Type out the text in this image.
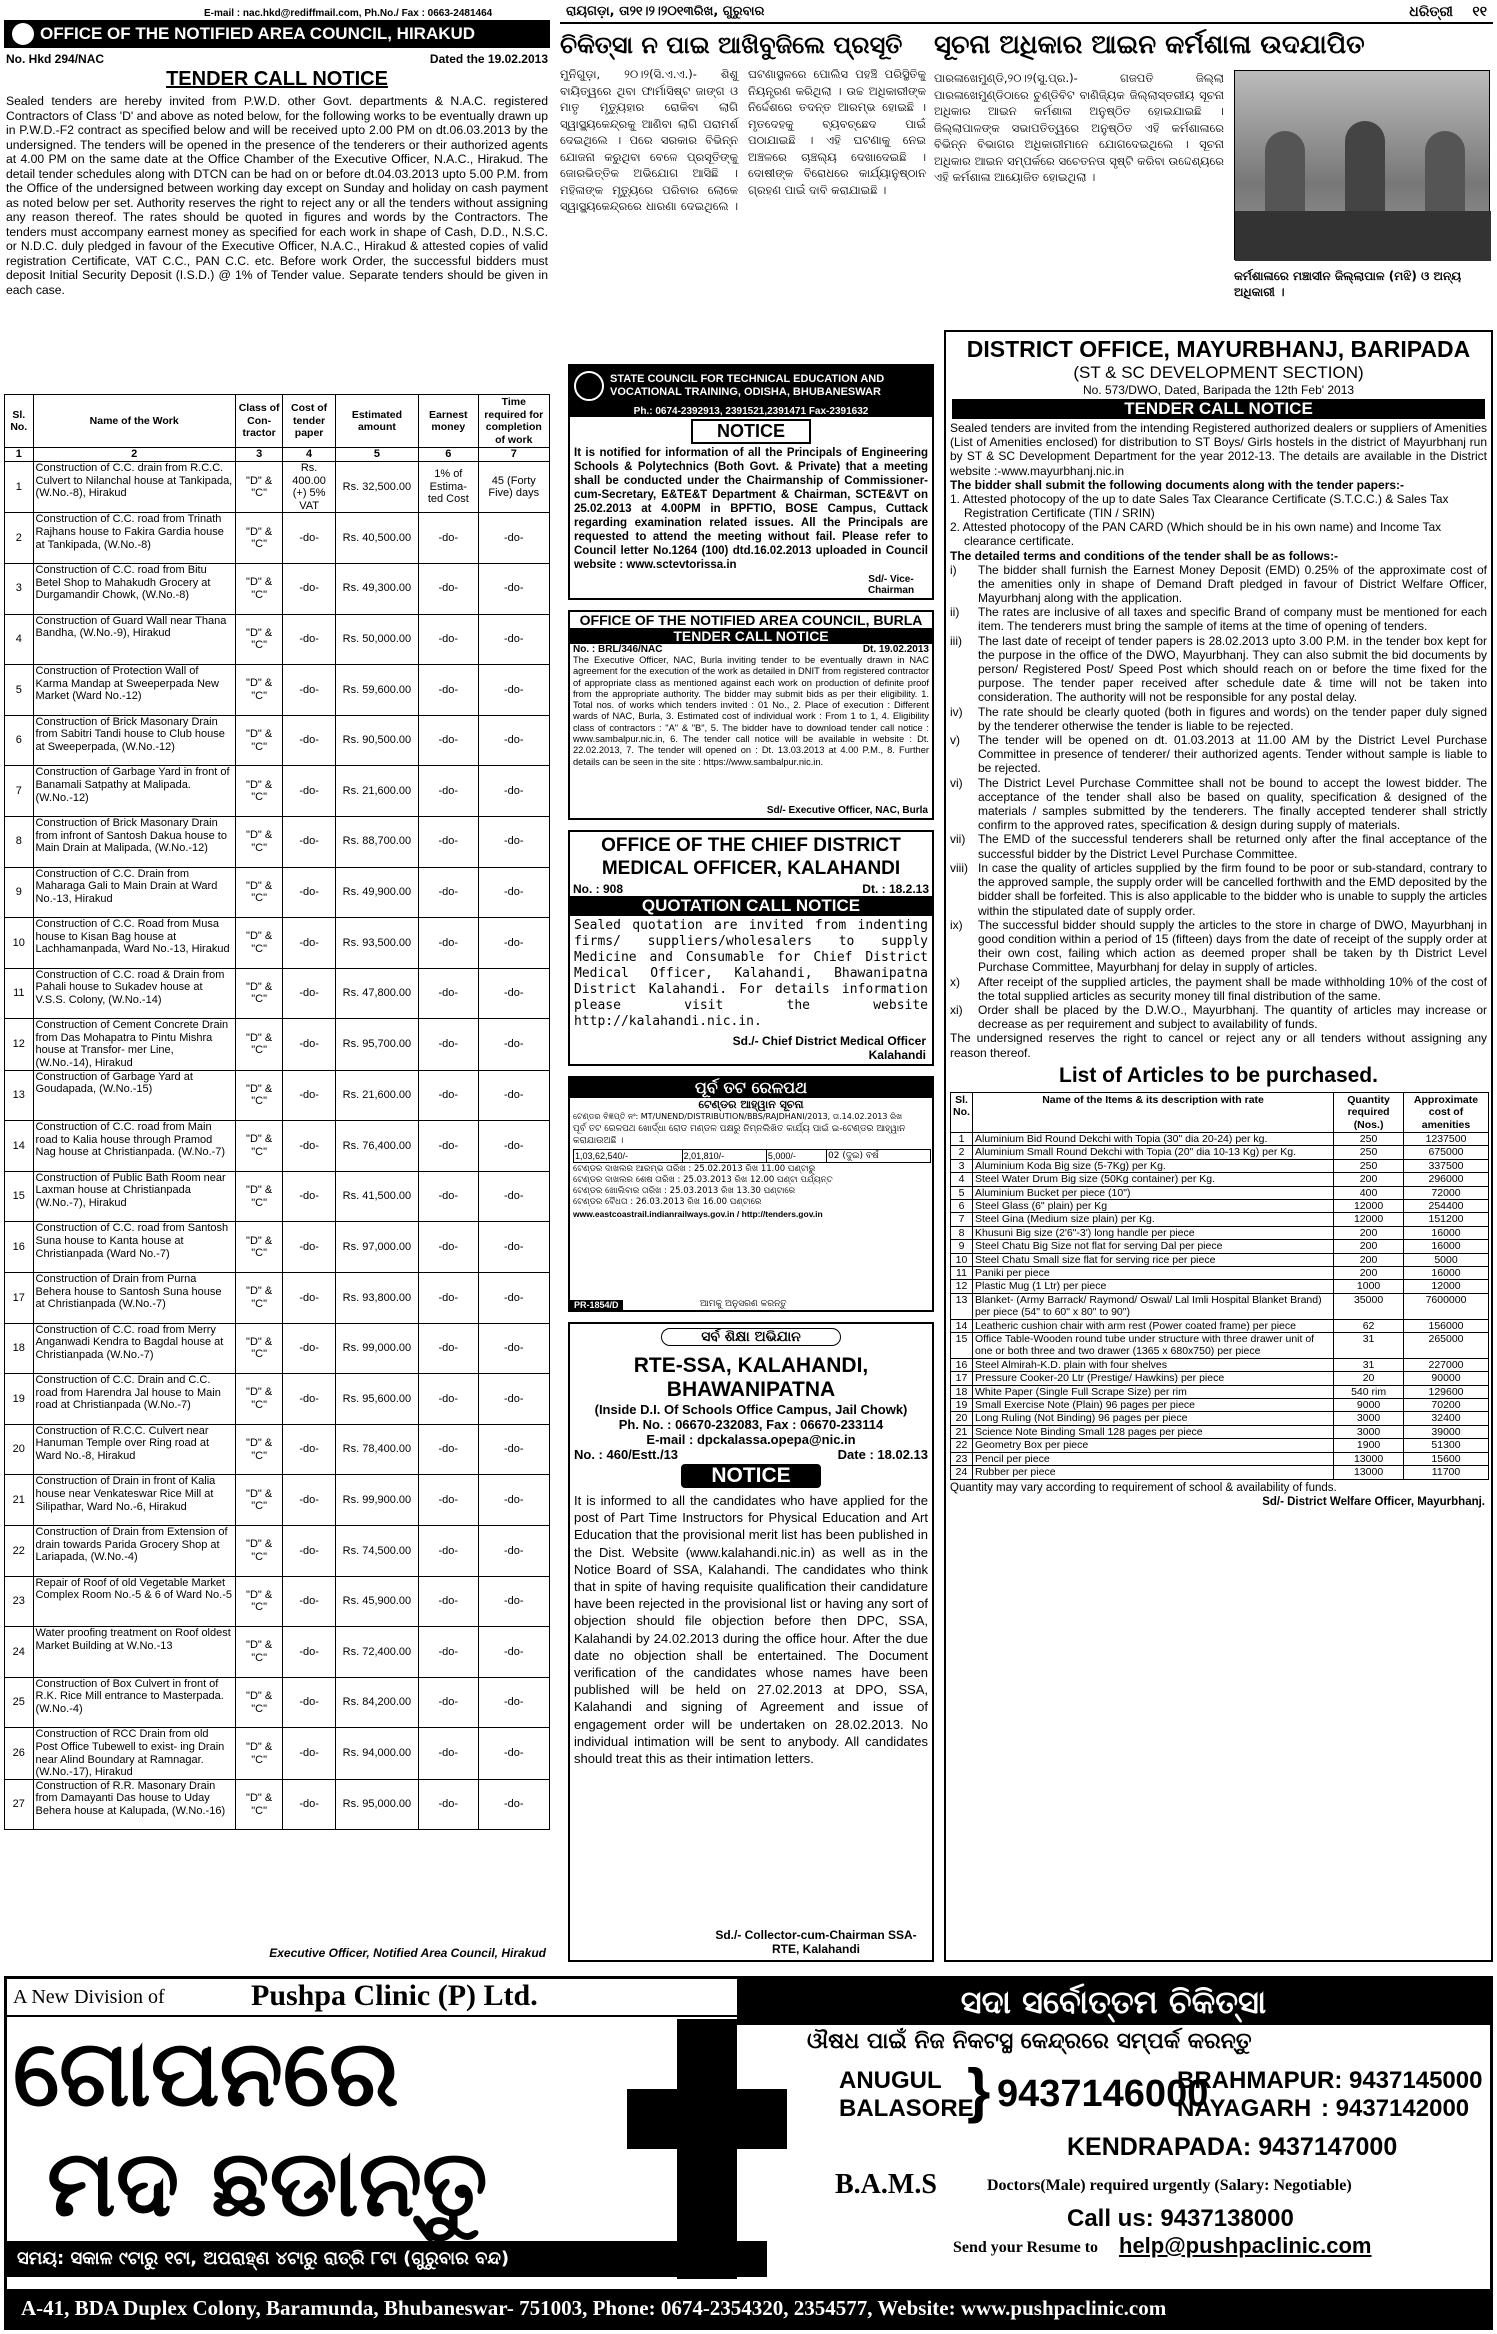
E-mail : nac.hkd@rediffmail.com, Ph.No./ Fax : 0663-2481464
OFFICE OF THE NOTIFIED AREA COUNCIL, HIRAKUD
No. Hkd 294/NAC	Dated the 19.02.2013
TENDER CALL NOTICE
Sealed tenders are hereby invited from P.W.D. other Govt. departments & N.A.C. registered Contractors of Class 'D' and above as noted below, for the following works to be eventually drawn up in P.W.D.-F2 contract as specified below and will be received upto 2.00 PM on dt.06.03.2013 by the undersigned. The tenders will be opened in the presence of the tenderers or their authorized agents at 4.00 PM on the same date at the Office Chamber of the Executive Officer, N.A.C., Hirakud. The detail tender schedules along with DTCN can be had on or before dt.04.03.2013 upto 5.00 P.M. from the Office of the undersigned between working day except on Sunday and holiday on cash payment as noted below per set. Authority reserves the right to reject any or all the tenders without assigning any reason thereof. The rates should be quoted in figures and words by the Contractors. The tenders must accompany earnest money as specified for each work in shape of Cash, D.D., N.S.C. or N.D.C. duly pledged in favour of the Executive Officer, N.A.C., Hirakud & attested copies of valid registration Certificate, VAT C.C., PAN C.C. etc. Before work Order, the successful bidders must deposit Initial Security Deposit (I.S.D.) @ 1% of Tender value. Separate tenders should be given in each case.
Sl. No.	Name of the Work	Class of Con- tractor	Cost of tender paper	Estimated amount	Earnest money	Time required for completion of work
1	2	3	4	5	6	7
1	Construction of C.C. drain from R.C.C. Culvert to Nilanchal house at Tankipada, (W.No.-8), Hirakud	"D" & "C"	Rs. 400.00 (+) 5% VAT	Rs. 32,500.00	1% of Estima- ted Cost	45 (Forty Five) days
2	Construction of C.C. road from Trinath Rajhans house to Fakira Gardia house at Tankipada, (W.No.-8)	"D" & "C"	-do-	Rs. 40,500.00	-do-	-do-
3	Construction of C.C. road from Bitu Betel Shop to Mahakudh Grocery at Durgamandir Chowk, (W.No.-8)	"D" & "C"	-do-	Rs. 49,300.00	-do-	-do-
4	Construction of Guard Wall near Thana Bandha, (W.No.-9), Hirakud	"D" & "C"	-do-	Rs. 50,000.00	-do-	-do-
5	Construction of Protection Wall of Karma Mandap at Sweeperpada New Market (Ward No.-12)	"D" & "C"	-do-	Rs. 59,600.00	-do-	-do-
6	Construction of Brick Masonary Drain from Sabitri Tandi house to Club house at Sweeperpada, (W.No.-12)	"D" & "C"	-do-	Rs. 90,500.00	-do-	-do-
7	Construction of Garbage Yard in front of Banamali Satpathy at Malipada. (W.No.-12)	"D" & "C"	-do-	Rs. 21,600.00	-do-	-do-
8	Construction of Brick Masonary Drain from infront of Santosh Dakua house to Main Drain at Malipada, (W.No.-12)	"D" & "C"	-do-	Rs. 88,700.00	-do-	-do-
9	Construction of C.C. Drain from Maharaga Gali to Main Drain at Ward No.-13, Hirakud	"D" & "C"	-do-	Rs. 49,900.00	-do-	-do-
10	Construction of C.C. Road from Musa house to Kisan Bag house at Lachhamanpada, Ward No.-13, Hirakud	"D" & "C"	-do-	Rs. 93,500.00	-do-	-do-
11	Construction of C.C. road & Drain from Pahali house to Sukadev house at V.S.S. Colony, (W.No.-14)	"D" & "C"	-do-	Rs. 47,800.00	-do-	-do-
12	Construction of Cement Concrete Drain from Das Mohapatra to Pintu Mishra house at Transfor- mer Line, (W.No.-14), Hirakud	"D" & "C"	-do-	Rs. 95,700.00	-do-	-do-
13	Construction of Garbage Yard at Goudapada, (W.No.-15)	"D" & "C"	-do-	Rs. 21,600.00	-do-	-do-
14	Construction of C.C. road from Main road to Kalia house through Pramod Nag house at Christianpada. (W.No.-7)	"D" & "C"	-do-	Rs. 76,400.00	-do-	-do-
15	Construction of Public Bath Room near Laxman house at Christianpada (W.No.-7), Hirakud	"D" & "C"	-do-	Rs. 41,500.00	-do-	-do-
16	Construction of C.C. road from Santosh Suna house to Kanta house at Christianpada (Ward No.-7)	"D" & "C"	-do-	Rs. 97,000.00	-do-	-do-
17	Construction of Drain from Purna Behera house to Santosh Suna house at Christianpada (W.No.-7)	"D" & "C"	-do-	Rs. 93,800.00	-do-	-do-
18	Construction of C.C. road from Merry Anganwadi Kendra to Bagdal house at Christianpada (W.No.-7)	"D" & "C"	-do-	Rs. 99,000.00	-do-	-do-
19	Construction of C.C. Drain and C.C. road from Harendra Jal house to Main road at Christianpada (W.No.-7)	"D" & "C"	-do-	Rs. 95,600.00	-do-	-do-
20	Construction of R.C.C. Culvert near Hanuman Temple over Ring road at Ward No.-8, Hirakud	"D" & "C"	-do-	Rs. 78,400.00	-do-	-do-
21	Construction of Drain in front of Kalia house near Venkateswar Rice Mill at Silipathar, Ward No.-6, Hirakud	"D" & "C"	-do-	Rs. 99,900.00	-do-	-do-
22	Construction of Drain from Extension of drain towards Parida Grocery Shop at Lariapada, (W.No.-4)	"D" & "C"	-do-	Rs. 74,500.00	-do-	-do-
23	Repair of Roof of old Vegetable Market Complex Room No.-5 & 6 of Ward No.-5	"D" & "C"	-do-	Rs. 45,900.00	-do-	-do-
24	Water proofing treatment on Roof oldest Market Building at W.No.-13	"D" & "C"	-do-	Rs. 72,400.00	-do-	-do-
25	Construction of Box Culvert in front of R.K. Rice Mill entrance to Masterpada. (W.No.-4)	"D" & "C"	-do-	Rs. 84,200.00	-do-	-do-
26	Construction of RCC Drain from old Post Office Tubewell to exist- ing Drain near Alind Boundary at Ramnagar. (W.No.-17), Hirakud	"D" & "C"	-do-	Rs. 94,000.00	-do-	-do-
27	Construction of R.R. Masonary Drain from Damayanti Das house to Uday Behera house at Kalupada, (W.No.-16)	"D" & "C"	-do-	Rs. 95,000.00	-do-	-do-
Executive Officer, Notified Area Council, Hirakud
ରାୟଗଡ଼ା, ତା୨୧।୨।୨୦୧୩ରିଖ, ଗୁରୁବାର	ଧରିତ୍ରୀ ୧୧
ଚିକିତ୍ସା ନ ପାଇ ଆଖିବୁଜିଲେ ପ୍ରସୂତି
ମୁନିଗୁଡ଼ା, ୨୦।୨(ସି.ଏ.ଏ.)- ଶିଶୁ ବାୟିତ୍ୱରେ ଥିବା ଫାର୍ମାସିଷ୍ଟ ଜାଙ୍ଗ ଓ ମାତୃ ମୃତ୍ୟୁହାର ରୋକିବା ଲାଗି ସ୍ୱାସ୍ଥ୍ୟକେନ୍ଦ୍ରକୁ ଆଣିବା ଲାଗି ପରାମର୍ଶ ଦେଇଥିଲେ । ପରେ ସରକାର ବିଭିନ୍ନ ଯୋଜନା କରୁଥିବା ବେଳେ ପ୍ରସୂତିଙ୍କୁ ଜୋରଭିତ୍ତିକ ଅଭିଯୋଗ ଆସିଛି । ମହିଳାଙ୍କ ମୃତ୍ୟୁରେ ପରିବାର ଲୋକେ ସ୍ୱାସ୍ଥ୍ୟକେନ୍ଦ୍ରରେ ଧାରଣା ଦେଇଥିଲେ । ଘଟଣାସ୍ଥଳରେ ପୋଲିସ ପହଞ୍ଚି ପରିସ୍ଥିତିକୁ ନିୟନ୍ତ୍ରଣ କରିଥିଲା । ଉଚ୍ଚ ଅଧିକାରୀଙ୍କ ନିର୍ଦ୍ଦେଶରେ ତଦନ୍ତ ଆରମ୍ଭ ହୋଇଛି । ମୃତଦେହକୁ ବ୍ୟବଚ୍ଛେଦ ପାଇଁ ପଠାଯାଇଛି । ଏହି ଘଟଣାକୁ ନେଇ ଅଞ୍ଚଳରେ ଚାଞ୍ଚଲ୍ୟ ଦେଖାଦେଇଛି । ଦୋଷୀଙ୍କ ବିରୋଧରେ କାର୍ଯ୍ୟାନୁଷ୍ଠାନ ଗ୍ରହଣ ପାଇଁ ଦାବି କରାଯାଇଛି ।
ସୂଚନା ଅଧିକାର ଆଇନ କର୍ମଶାଳା ଉଦଯାପିତ
ପାରଳାଖେମୁଣ୍ଡି,୨୦।୨(ସୁ.ପ୍ର.)- ଗଜପତି ଜିଲ୍ଲା ପାରଳାଖେମୁଣ୍ଡିଠାରେ ଚୁଣ୍ଡିବିଟ ବାଣିଜ୍ୟିକ ଜିଲ୍ଲାସ୍ତରୀୟ ସୂଚନା ଅଧିକାର ଆଇନ କର୍ମଶାଳା ଅନୁଷ୍ଠିତ ହୋଇଯାଇଛି । ଜିଲ୍ଲାପାଳଙ୍କ ସଭାପତିତ୍ୱରେ ଅନୁଷ୍ଠିତ ଏହି କର୍ମଶାଳାରେ ବିଭିନ୍ନ ବିଭାଗର ଅଧିକାରୀମାନେ ଯୋଗଦେଇଥିଲେ । ସୂଚନା ଅଧିକାର ଆଇନ ସମ୍ପର୍କରେ ସଚେତନତା ସୃଷ୍ଟି କରିବା ଉଦ୍ଦେଶ୍ୟରେ ଏହି କର୍ମଶାଳା ଆୟୋଜିତ ହୋଇଥିଲା ।
କର୍ମଶାଳାରେ ମଞ୍ଚାସୀନ ଜିଲ୍ଲାପାଳ (ମଝି) ଓ ଅନ୍ୟ ଅଧିକାରୀ ।
STATE COUNCIL FOR TECHNICAL EDUCATION AND VOCATIONAL TRAINING, ODISHA, BHUBANESWAR
Ph.: 0674-2392913, 2391521,2391471 Fax-2391632
NOTICE
It is notified for information of all the Principals of Engineering Schools & Polytechnics (Both Govt. & Private) that a meeting shall be conducted under the Chairmanship of Commissioner-cum-Secretary, E&TE&T Department & Chairman, SCTE&VT on 25.02.2013 at 4.00PM in BPFTIO, BOSE Campus, Cuttack regarding examination related issues. All the Principals are requested to attend the meeting without fail. Please refer to Council letter No.1264 (100) dtd.16.02.2013 uploaded in Council website : www.sctevtorissa.in
Sd/- Vice-Chairman
OFFICE OF THE NOTIFIED AREA COUNCIL, BURLA
TENDER CALL NOTICE
No. : BRL/346/NAC	Dt. 19.02.2013
The Executive Officer, NAC, Burla inviting tender to be eventually drawn in NAC agreement for the execution of the work as detailed in DNIT from registered contractor of appropriate class as mentioned against each work on production of definite proof from the appropriate authority. The bidder may submit bids as per their eligibility. 1. Total nos. of works which tenders invited : 01 No., 2. Place of execution : Different wards of NAC, Burla, 3. Estimated cost of individual work : From 1 to 1, 4. Eligibility class of contractors : "A" & "B", 5. The bidder have to download tender call notice : www.sambalpur.nic.in, 6. The tender call notice will be available in website : Dt. 22.02.2013, 7. The tender will opened on : Dt. 13.03.2013 at 4.00 P.M., 8. Further details can be seen in the site : https://www.sambalpur.nic.in.
Sd/- Executive Officer, NAC, Burla
OFFICE OF THE CHIEF DISTRICT MEDICAL OFFICER, KALAHANDI
No. : 908	Dt. : 18.2.13
QUOTATION CALL NOTICE
Sealed quotation are invited from indenting firms/ suppliers/wholesalers to supply Medicine and Consumable for Chief District Medical Officer, Kalahandi, Bhawanipatna District Kalahandi. For details information please visit the website http://kalahandi.nic.in.
Sd./- Chief District Medical Officer Kalahandi
ପୂର୍ବ ତଟ ରେଳପଥ
ଟେଣ୍ଡର ଆହ୍ୱାନ ସୂଚନା
ଟେଣ୍ଡର ବିଜ୍ଞପ୍ତି ନଂ: MT/UNEND/DISTRIBUTION/BBS/RAJDHANI/2013, ତା.14.02.2013 ରିଖ
ପୂର୍ବ ତଟ ରେଳପଥ ଖୋର୍ଦ୍ଧା ରୋଡ ମଣ୍ଡଳ ପକ୍ଷରୁ ନିମ୍ନଲିଖିତ କାର୍ଯ୍ୟ ପାଇଁ ଇ-ଟେଣ୍ଡର ଆହ୍ୱାନ କରାଯାଉଅଛି ।
1,03,62,540/-	2,01,810/-	5,000/-	02 (ଦୁଇ) ବର୍ଷ
ଟେଣ୍ଡର ଦାଖଲର ଆରମ୍ଭ ତାରିଖ : 25.02.2013 ରିଖ 11.00 ଘଣ୍ଟାରୁ
ଟେଣ୍ଡର ଦାଖଲର ଶେଷ ତାରିଖ : 25.03.2013 ରିଖ 12.00 ଘଣ୍ଟା ପର୍ଯ୍ୟନ୍ତ
ଟେଣ୍ଡର ଖୋଲିବାର ତାରିଖ : 25.03.2013 ରିଖ 13.30 ଘଣ୍ଟାରେ
ଟେଣ୍ଡର ବୈଧତା : 26.03.2013 ରିଖ 16.00 ଘଣ୍ଟାରେ
www.eastcoastrail.indianrailways.gov.in / http://tenders.gov.in
PR-1854/D	ଆମକୁ ଅନୁସରଣ କରନ୍ତୁ
ସର୍ବ ଶିକ୍ଷା ଅଭିଯାନ
RTE-SSA, KALAHANDI, BHAWANIPATNA
(Inside D.I. Of Schools Office Campus, Jail Chowk)
Ph. No. : 06670-232083, Fax : 06670-233114
E-mail : dpckalassa.opepa@nic.in
No. : 460/Estt./13	Date : 18.02.13
NOTICE
It is informed to all the candidates who have applied for the post of Part Time Instructors for Physical Education and Art Education that the provisional merit list has been published in the Dist. Website (www.kalahandi.nic.in) as well as in the Notice Board of SSA, Kalahandi. The candidates who think that in spite of having requisite qualification their candidature have been rejected in the provisional list or having any sort of objection should file objection before then DPC, SSA, Kalahandi by 24.02.2013 during the office hour. After the due date no objection shall be entertained. The Document verification of the candidates whose names have been published will be held on 27.02.2013 at DPO, SSA, Kalahandi and signing of Agreement and issue of engagement order will be undertaken on 28.02.2013. No individual intimation will be sent to anybody. All candidates should treat this as their intimation letters.
Sd./- Collector-cum-Chairman SSA-RTE, Kalahandi
DISTRICT OFFICE, MAYURBHANJ, BARIPADA
(ST & SC DEVELOPMENT SECTION)
No. 573/DWO, Dated, Baripada the 12th Feb' 2013
TENDER CALL NOTICE
Sealed tenders are invited from the intending Registered authorized dealers or suppliers of Amenities (List of Amenities enclosed) for distribution to ST Boys/ Girls hostels in the district of Mayurbhanj run by ST & SC Development Department for the year 2012-13. The details are available in the District website :-www.mayurbhanj.nic.in
The bidder shall submit the following documents along with the tender papers:-
1. Attested photocopy of the up to date Sales Tax Clearance Certificate (S.T.C.C.) & Sales Tax Registration Certificate (TIN / SRIN)
2. Attested photocopy of the PAN CARD (Which should be in his own name) and Income Tax clearance certificate.
The detailed terms and conditions of the tender shall be as follows:-
i)	The bidder shall furnish the Earnest Money Deposit (EMD) 0.25% of the approximate cost of the amenities only in shape of Demand Draft pledged in favour of District Welfare Officer, Mayurbhanj along with the application.
ii)	The rates are inclusive of all taxes and specific Brand of company must be mentioned for each item. The tenderers must bring the sample of items at the time of opening of tenders.
iii)	The last date of receipt of tender papers is 28.02.2013 upto 3.00 P.M. in the tender box kept for the purpose in the office of the DWO, Mayurbhanj. They can also submit the bid documents by person/ Registered Post/ Speed Post which should reach on or before the time fixed for the purpose. The tender paper received after schedule date & time will not be taken into consideration. The authority will not be responsible for any postal delay.
iv)	The rate should be clearly quoted (both in figures and words) on the tender paper duly signed by the tenderer otherwise the tender is liable to be rejected.
v)	The tender will be opened on dt. 01.03.2013 at 11.00 AM by the District Level Purchase Committee in presence of tenderer/ their authorized agents. Tender without sample is liable to be rejected.
vi)	The District Level Purchase Committee shall not be bound to accept the lowest bidder. The acceptance of the tender shall also be based on quality, specification & designed of the materials / samples submitted by the tenderers. The finally accepted tenderer shall strictly confirm to the approved rates, specification & design during supply of materials.
vii)	The EMD of the successful tenderers shall be returned only after the final acceptance of the successful bidder by the District Level Purchase Committee.
viii) In case the quality of articles supplied by the firm found to be poor or sub-standard, contrary to the approved sample, the supply order will be cancelled forthwith and the EMD deposited by the bidder shall be forfeited. This is also applicable to the bidder who is unable to supply the articles within the stipulated date of supply order.
ix)	The successful bidder should supply the articles to the store in charge of DWO, Mayurbhanj in good condition within a period of 15 (fifteen) days from the date of receipt of the supply order at their own cost, failing which action as deemed proper shall be taken by th District Level Purchase Committee, Mayurbhanj for delay in supply of articles.
x)	After receipt of the supplied articles, the payment shall be made withholding 10% of the cost of the total supplied articles as security money till final distribution of the same.
xi)	Order shall be placed by the D.W.O., Mayurbhanj. The quantity of articles may increase or decrease as per requirement and subject to availability of funds.
The undersigned reserves the right to cancel or reject any or all tenders without assigning any reason thereof.
List of Articles to be purchased.
Sl. No.	Name of the Items & its description with rate	Quantity required (Nos.)	Approximate cost of amenities
1	Aluminium Bid Round Dekchi with Topia (30" dia 20-24) per kg.	250	1237500
2	Aluminium Small Round Dekchi with Topia (20" dia 10-13 Kg) per Kg.	250	675000
3	Aluminium Koda Big size (5-7Kg) per Kg.	250	337500
4	Steel Water Drum Big size (50Kg container) per Kg.	200	296000
5	Aluminium Bucket per piece (10")	400	72000
6	Steel Glass (6" plain) per Kg	12000	254400
7	Steel Gina (Medium size plain) per Kg.	12000	151200
8	Khusuni Big size (2'6"-3') long handle per piece	200	16000
9	Steel Chatu Big Size not flat for serving Dal per piece	200	16000
10	Steel Chatu Small size flat for serving rice per piece	200	5000
11	Paniki per piece	200	16000
12	Plastic Mug (1 Ltr) per piece	1000	12000
13	Blanket- (Army Barrack/ Raymond/ Oswal/ Lal Imli Hospital Blanket Brand) per piece (54" to 60" x 80" to 90")	35000	7600000
14	Leatheric cushion chair with arm rest (Power coated frame) per piece	62	156000
15	Office Table-Wooden round tube under structure with three drawer unit of one or both three and two drawer (1365 x 680x750) per piece	31	265000
16	Steel Almirah-K.D. plain with four shelves	31	227000
17	Pressure Cooker-20 Ltr (Prestige/ Hawkins) per piece	20	90000
18	White Paper (Single Full Scrape Size) per rim	540 rim	129600
19	Small Exercise Note (Plain) 96 pages per piece	9000	70200
20	Long Ruling (Not Binding) 96 pages per piece	3000	32400
21	Science Note Binding Small 128 pages per piece	3000	39000
22	Geometry Box per piece	1900	51300
23	Pencil per piece	13000	15600
24	Rubber per piece	13000	11700
Quantity may vary according to requirement of school & availability of funds.
Sd/- District Welfare Officer, Mayurbhanj.
A New Division of	Pushpa Clinic (P) Ltd.	ସଦା ସର୍ବୋତ୍ତମ ଚିକିତ୍ସା
ଗୋପନରେ
ମଦ ଛଡାନ୍ତୁ
ଔଷଧ ପାଇଁ ନିଜ ନିକଟସ୍ଥ କେନ୍ଦ୍ରରେ ସମ୍ପର୍କ କରନ୍ତୁ
ANUGUL
BALASORE
} 9437146000
BRAHMAPUR: 9437145000
NAYAGARH : 9437142000
KENDRAPADA: 9437147000
B.A.M.S	Doctors(Male) required urgently (Salary: Negotiable)
Call us: 9437138000
Send your Resume to help@pushpaclinic.com
ସମୟ: ସକାଳ ୯ଟାରୁ ୧ଟା, ଅପରାହ୍ଣ ୪ଟାରୁ ରାତ୍ରି ୮ଟା (ଗୁରୁବାର ବନ୍ଦ)
A-41, BDA Duplex Colony, Baramunda, Bhubaneswar- 751003, Phone: 0674-2354320, 2354577, Website: www.pushpaclinic.com
